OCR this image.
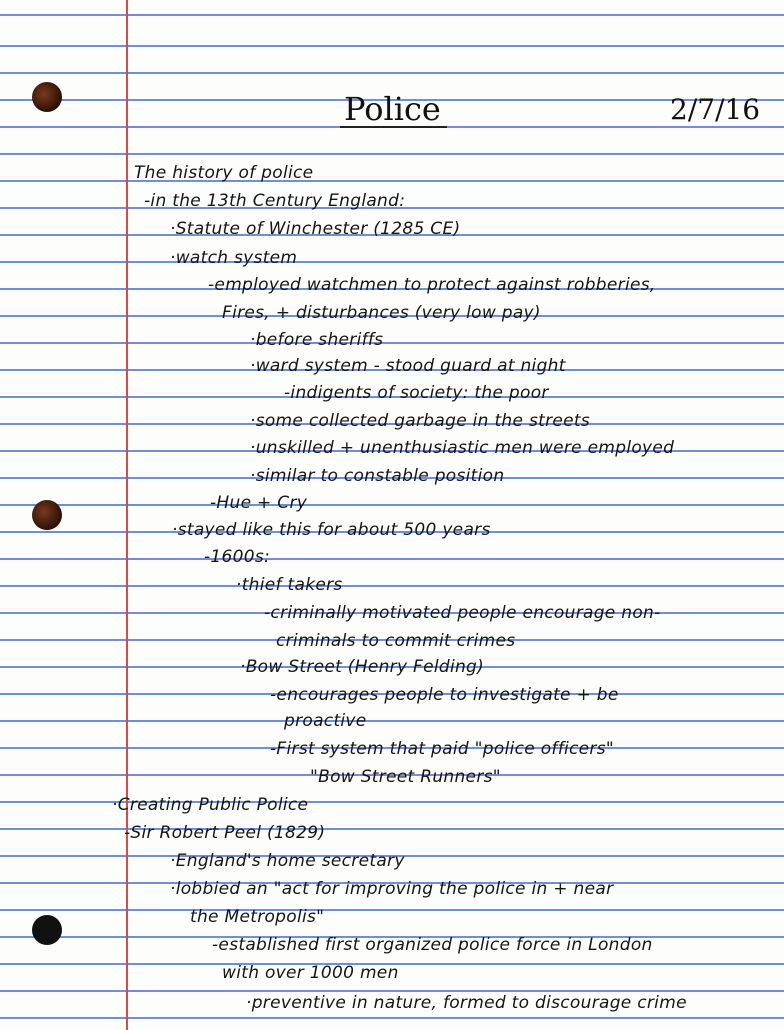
Police	2/7/16
The history of police
-in the 13th Century England:
·Statute of Winchester (1285 CE)
·watch system
-employed watchmen to protect against robberies,
Fires, + disturbances (very low pay)
·before sheriffs
·ward system - stood guard at night
-indigents of society: the poor
·some collected garbage in the streets
·unskilled + unenthusiastic men were employed
·similar to constable position
-Hue + Cry
·stayed like this for about 500 years
-1600s:
·thief takers
-criminally motivated people encourage non-
criminals to commit crimes
·Bow Street (Henry Felding)
-encourages people to investigate + be
proactive
-First system that paid "police officers"
"Bow Street Runners"
·Creating Public Police
-Sir Robert Peel (1829)
·England's home secretary
·lobbied an "act for improving the police in + near
the Metropolis"
-established first organized police force in London
with over 1000 men
·preventive in nature, formed to discourage crime
